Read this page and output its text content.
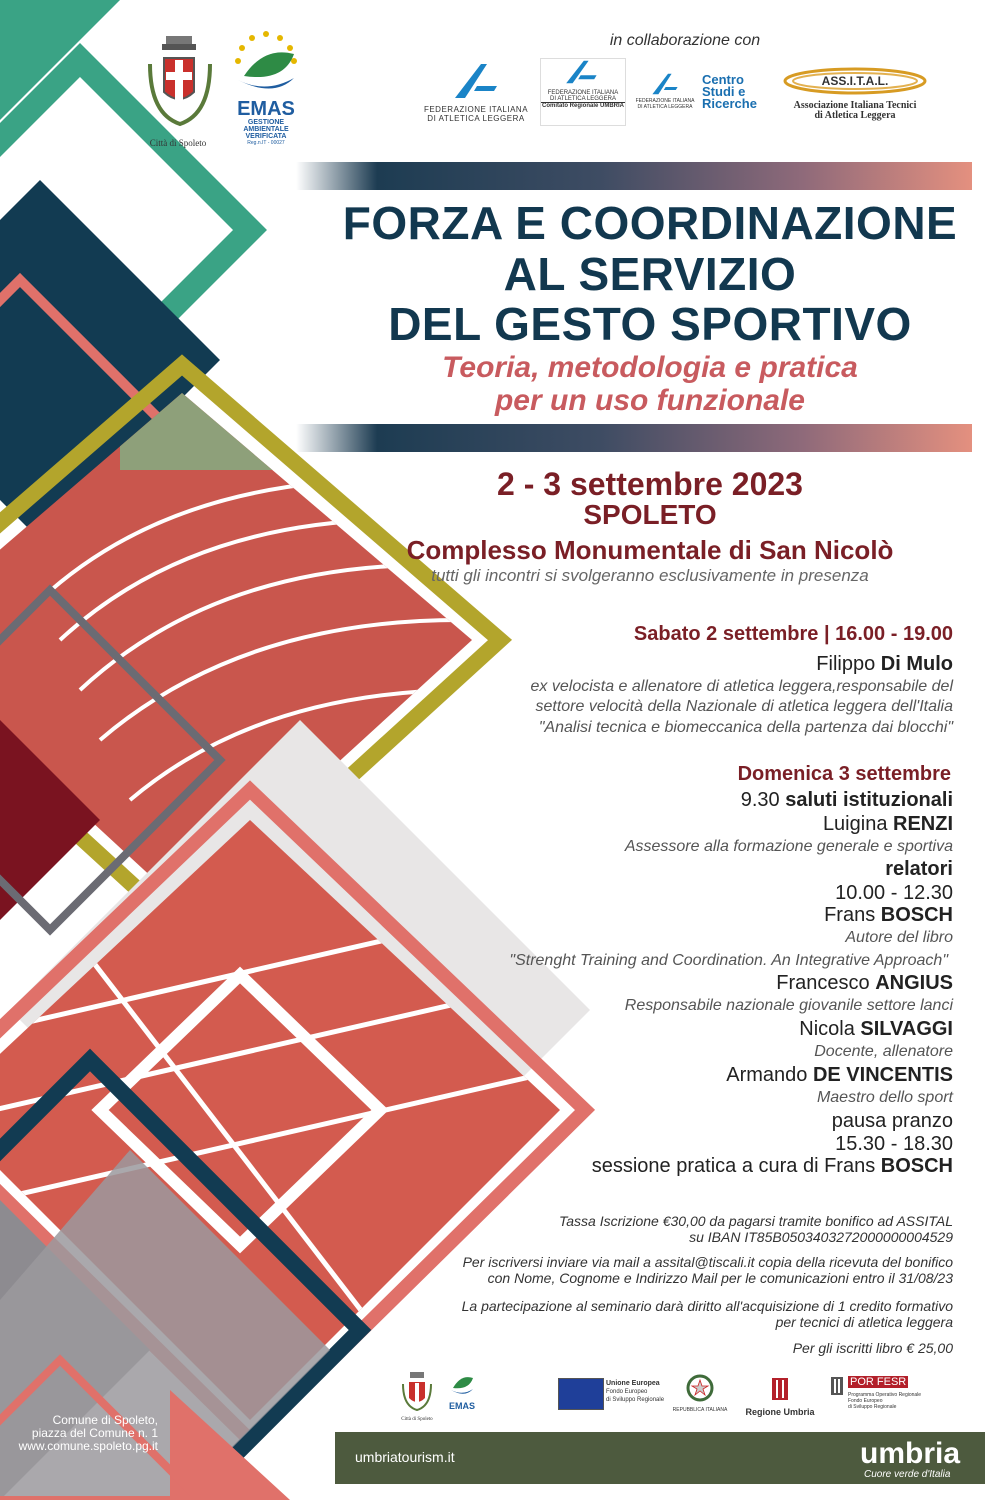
Città di Spoleto
EMAS
GESTIONE AMBIENTALE
VERIFICATA
Reg.n.IT - 00027
in collaborazione con
FEDERAZIONE ITALIANA
DI ATLETICA LEGGERA
FEDERAZIONE ITALIANA
DI ATLETICA LEGGERA
Comitato Regionale UMBRIA
FEDERAZIONE ITALIANA
DI ATLETICA LEGGERA
Centro Studi e Ricerche
ASS.I.T.A.L.
Associazione Italiana Tecnici
di Atletica Leggera
FORZA E COORDINAZIONE
AL SERVIZIO
DEL GESTO SPORTIVO
Teoria, metodologia e pratica
per un uso funzionale
2 - 3 settembre 2023
SPOLETO
Complesso Monumentale di San Nicolò
tutti gli incontri si svolgeranno esclusivamente in presenza
Sabato 2 settembre | 16.00 - 19.00
Filippo Di Mulo
ex velocista e allenatore di atletica leggera,responsabile del
settore velocità della Nazionale di atletica leggera dell'Italia
"Analisi tecnica e biomeccanica della partenza dai blocchi"
Domenica 3 settembre
9.30 saluti istituzionali
Luigina RENZI
Assessore alla formazione generale e sportiva
relatori
10.00 - 12.30
Frans BOSCH
Autore del libro
"Strenght Training and Coordination. An Integrative Approach"
Francesco ANGIUS
Responsabile nazionale giovanile settore lanci
Nicola SILVAGGI
Docente, allenatore
Armando DE VINCENTIS
Maestro dello sport
pausa pranzo
15.30 - 18.30
sessione pratica a cura di Frans BOSCH
Tassa Iscrizione €30,00 da pagarsi tramite bonifico ad ASSITAL
su IBAN IT85B0503403272000000004529
Per iscriversi inviare via mail a assital@tiscali.it copia della ricevuta del bonifico
con Nome, Cognome e Indirizzo Mail per le comunicazioni entro il 31/08/23
La partecipazione al seminario darà diritto all'acquisizione di 1 credito formativo
per tecnici di atletica leggera
Per gli iscritti libro € 25,00
Città di Spoleto
EMAS
Unione Europea
Fondo Europeo
di Sviluppo Regionale
REPUBBLICA ITALIANA	Regione Umbria
POR FESR
Programma Operativo Regionale
Fondo Europeo
di Sviluppo Regionale
Comune di Spoleto,
piazza del Comune n. 1
www.comune.spoleto.pg.it
umbriatourism.it	umbria
Cuore verde d'Italia
